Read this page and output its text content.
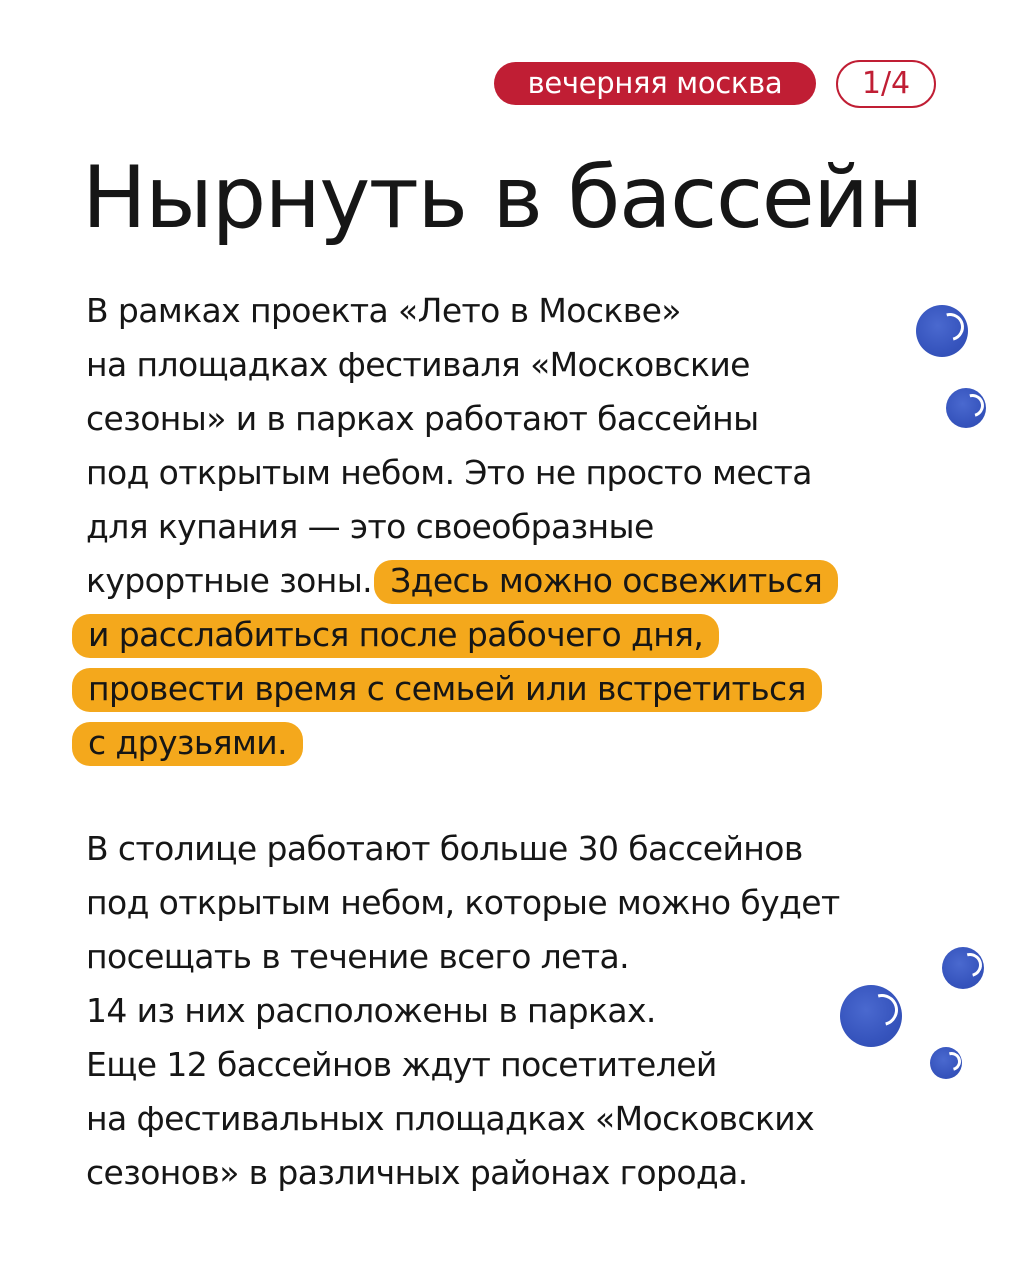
вечерняя москва	1/4
Нырнуть в бассейн
В рамках проекта «Лето в Москве»
на площадках фестиваля «Московские
сезоны» и в парках работают бассейны
под открытым небом. Это не просто места
для купания — это своеобразные
курортные зоны. Здесь можно освежиться
и расслабиться после рабочего дня,
провести время с семьей или встретиться
с друзьями.
В столице работают больше 30 бассейнов
под открытым небом, которые можно будет
посещать в течение всего лета.
14 из них расположены в парках.
Еще 12 бассейнов ждут посетителей
на фестивальных площадках «Московских
сезонов» в различных районах города.
